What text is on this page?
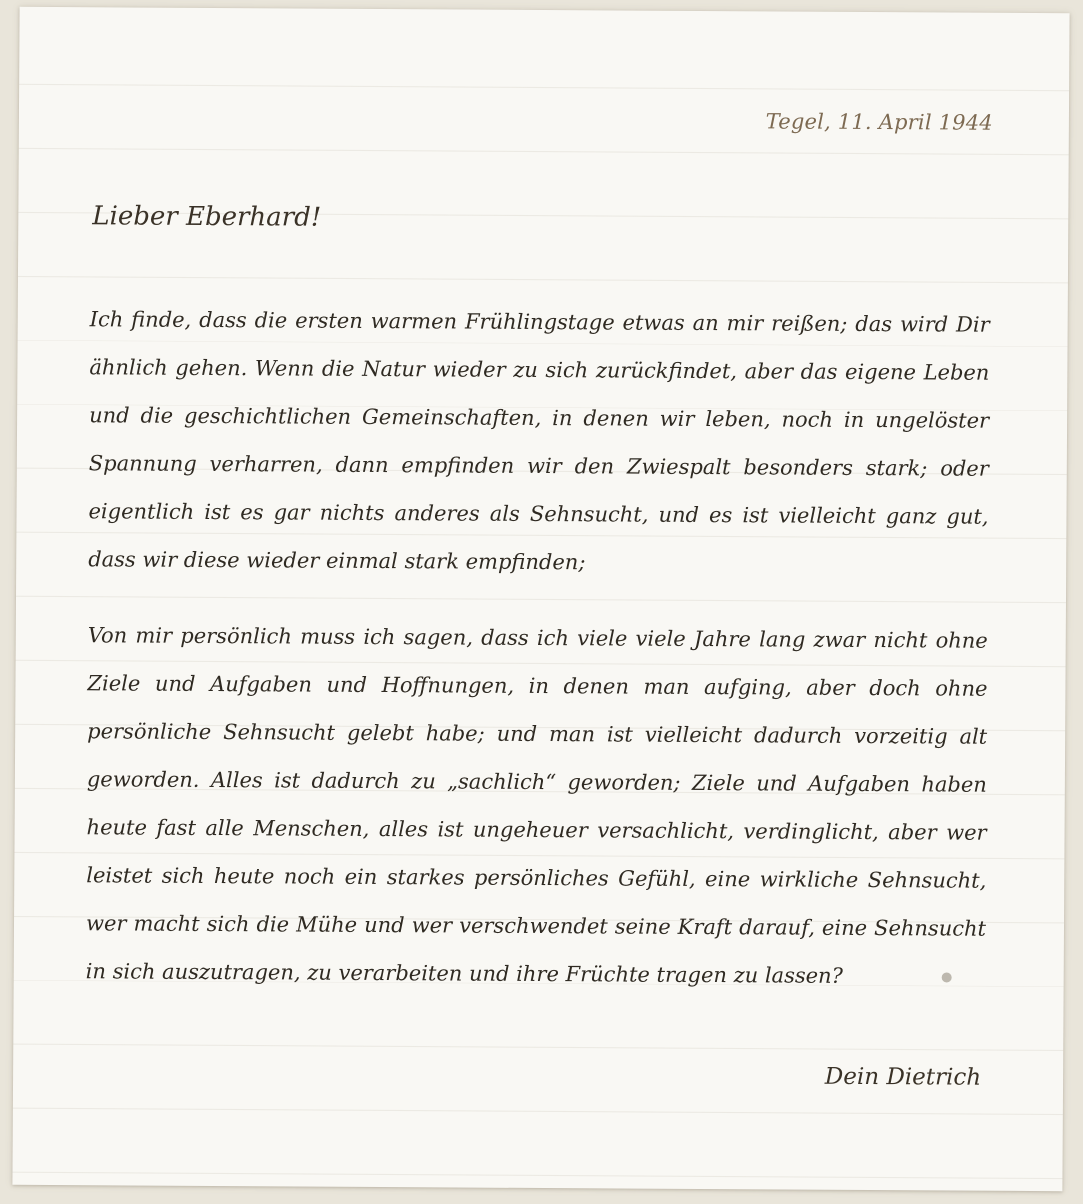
Tegel, 11. April 1944
Lieber Eberhard!

Ich finde, dass die ersten warmen Frühlingstage etwas an mir reißen; das wird Dir ähnlich gehen. Wenn die Natur wieder zu sich zurückfindet, aber das eigene Leben und die geschichtlichen Gemeinschaften, in denen wir leben, noch in ungelöster Spannung verharren, dann empfinden wir den Zwiespalt besonders stark; oder eigentlich ist es gar nichts anderes als Sehnsucht, und es ist vielleicht ganz gut, dass wir diese wieder einmal stark empfinden;

Von mir persönlich muss ich sagen, dass ich viele viele Jahre lang zwar nicht ohne Ziele und Aufgaben und Hoffnungen, in denen man aufging, aber doch ohne persönliche Sehnsucht gelebt habe; und man ist vielleicht dadurch vorzeitig alt geworden. Alles ist dadurch zu „sachlich“ geworden; Ziele und Aufgaben haben heute fast alle Menschen, alles ist ungeheuer versachlicht, verdinglicht, aber wer leistet sich heute noch ein starkes persönliches Gefühl, eine wirkliche Sehnsucht, wer macht sich die Mühe und wer verschwendet seine Kraft darauf, eine Sehnsucht in sich auszutragen, zu verarbeiten und ihre Früchte tragen zu lassen?

Dein Dietrich
